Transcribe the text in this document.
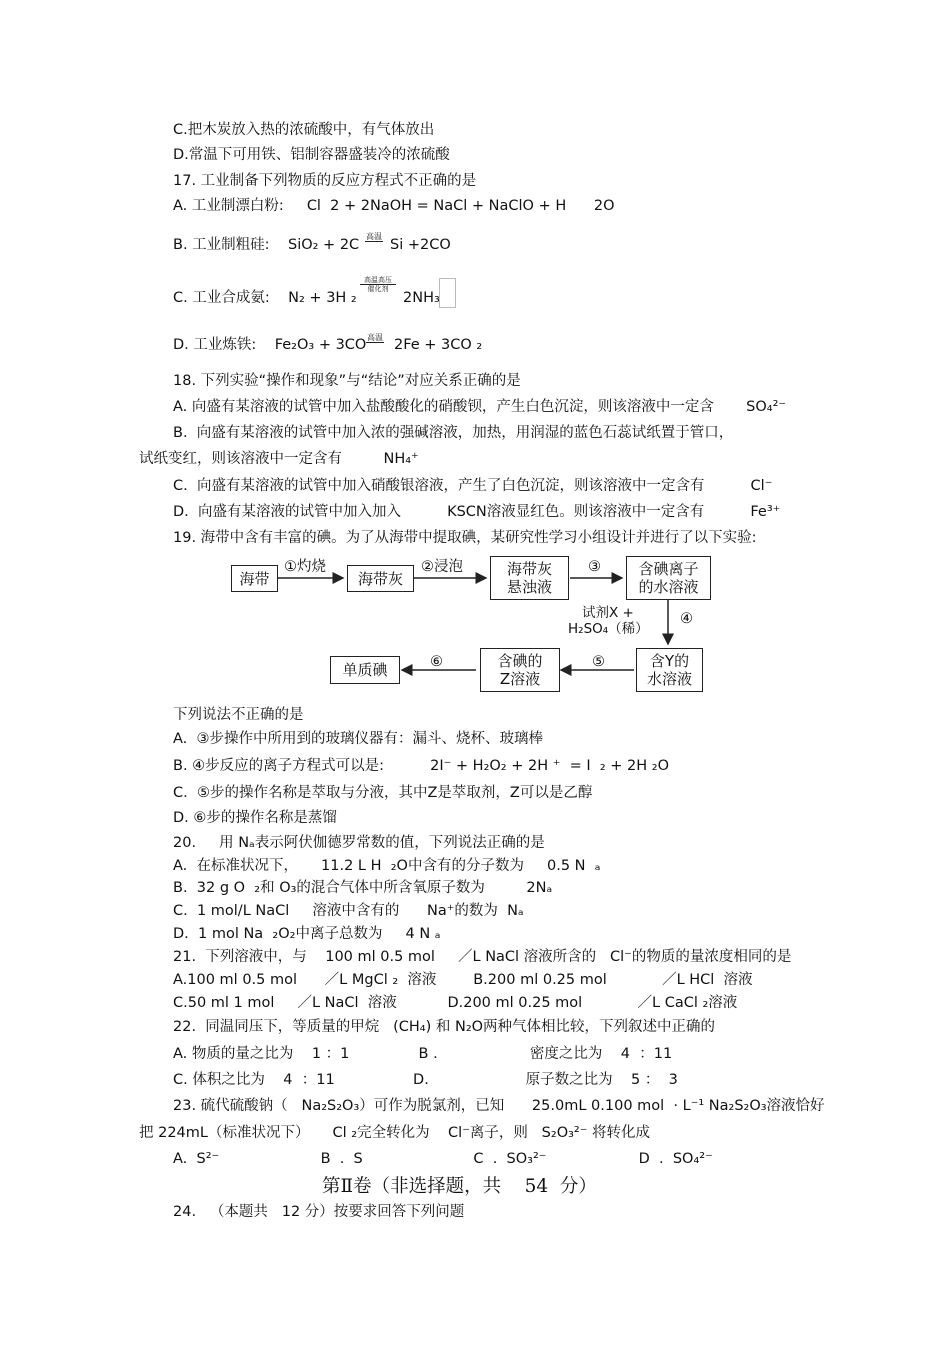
C.把木炭放入热的浓硫酸中，有气体放出
D.常温下可用铁、铝制容器盛装冷的浓硫酸
17. 工业制备下列物质的反应方程式不正确的是
A. 工业制漂白粉:     Cl  2 + 2NaOH = NaCl + NaClO + H      2O
B. 工业制粗硅:    SiO₂ + 2C
高温
Si +2CO
C. 工业合成氨:    N₂ + 3H ₂
高温高压
催化剂
2NH₃
D. 工业炼铁:    Fe₂O₃ + 3CO 高温 2Fe + 3CO ₂
18. 下列实验“操作和现象”与“结论”对应关系正确的是
A. 向盛有某溶液的试管中加入盐酸酸化的硝酸钡，产生白色沉淀，则该溶液中一定含       SO₄²⁻
B.  向盛有某溶液的试管中加入浓的强碱溶液，加热，用润湿的蓝色石蕊试纸置于管口，
试纸变红，则该溶液中一定含有         NH₄⁺
C.  向盛有某溶液的试管中加入硝酸银溶液，产生了白色沉淀，则该溶液中一定含有          Cl⁻
D.  向盛有某溶液的试管中加入加入          KSCN溶液显红色。则该溶液中一定含有          Fe³⁺
19. 海带中含有丰富的碘。为了从海带中提取碘，某研究性学习小组设计并进行了以下实验:
海带	海带灰
海带灰
悬浊液
含碘离子
的水溶液
含Y的
水溶液
含碘的
Z溶液
单质碘
①灼烧	②浸泡	③
试剂X +
H₂SO₄（稀）
④
⑤
⑥
下列说法不正确的是
A.  ③步操作中所用到的玻璃仪器有：漏斗、烧杯、玻璃棒
B. ④步反应的离子方程式可以是:          2I⁻ + H₂O₂ + 2H ⁺  = I  ₂ + 2H ₂O
C.  ⑤步的操作名称是萃取与分液，其中Z是萃取剂，Z可以是乙醇
D. ⑥步的操作名称是蒸馏
20.     用 Nₐ表示阿伏伽德罗常数的值，下列说法正确的是
A.  在标准状况下，     11.2 L H  ₂O中含有的分子数为     0.5 N  ₐ
B.  32 g O  ₂和 O₃的混合气体中所含氧原子数为         2Nₐ
C.  1 mol/L NaCl     溶液中含有的      Na⁺的数为  Nₐ
D.  1 mol Na  ₂O₂中离子总数为     4 N ₐ
21.  下列溶液中，与    100 ml 0.5 mol     ／L NaCl 溶液所含的   Cl⁻的物质的量浓度相同的是
A.100 ml 0.5 mol      ／L MgCl ₂  溶液        B.200 ml 0.25 mol            ／L HCl  溶液
C.50 ml 1 mol     ／L NaCl  溶液           D.200 ml 0.25 mol            ／L CaCl ₂溶液
22.  同温同压下，等质量的甲烷   (CH₄) 和 N₂O两种气体相比较，下列叙述中正确的
A. 物质的量之比为    1 ：1               B .                    密度之比为    4  ：11
C. 体积之比为    4  ：11                 D.                     原子数之比为    5 ：  3
23. 硫代硫酸钠（   Na₂S₂O₃）可作为脱氯剂，已知      25.0mL 0.100 mol  · L⁻¹ Na₂S₂O₃溶液恰好
把 224mL（标准状况下）     Cl ₂完全转化为    Cl⁻离子，则   S₂O₃²⁻ 将转化成
A.  S²⁻                      B  .  S                        C  .  SO₃²⁻                    D  .  SO₄²⁻
第Ⅱ卷（非选择题，共    54  分）
24.   （本题共   12 分）按要求回答下列问题
